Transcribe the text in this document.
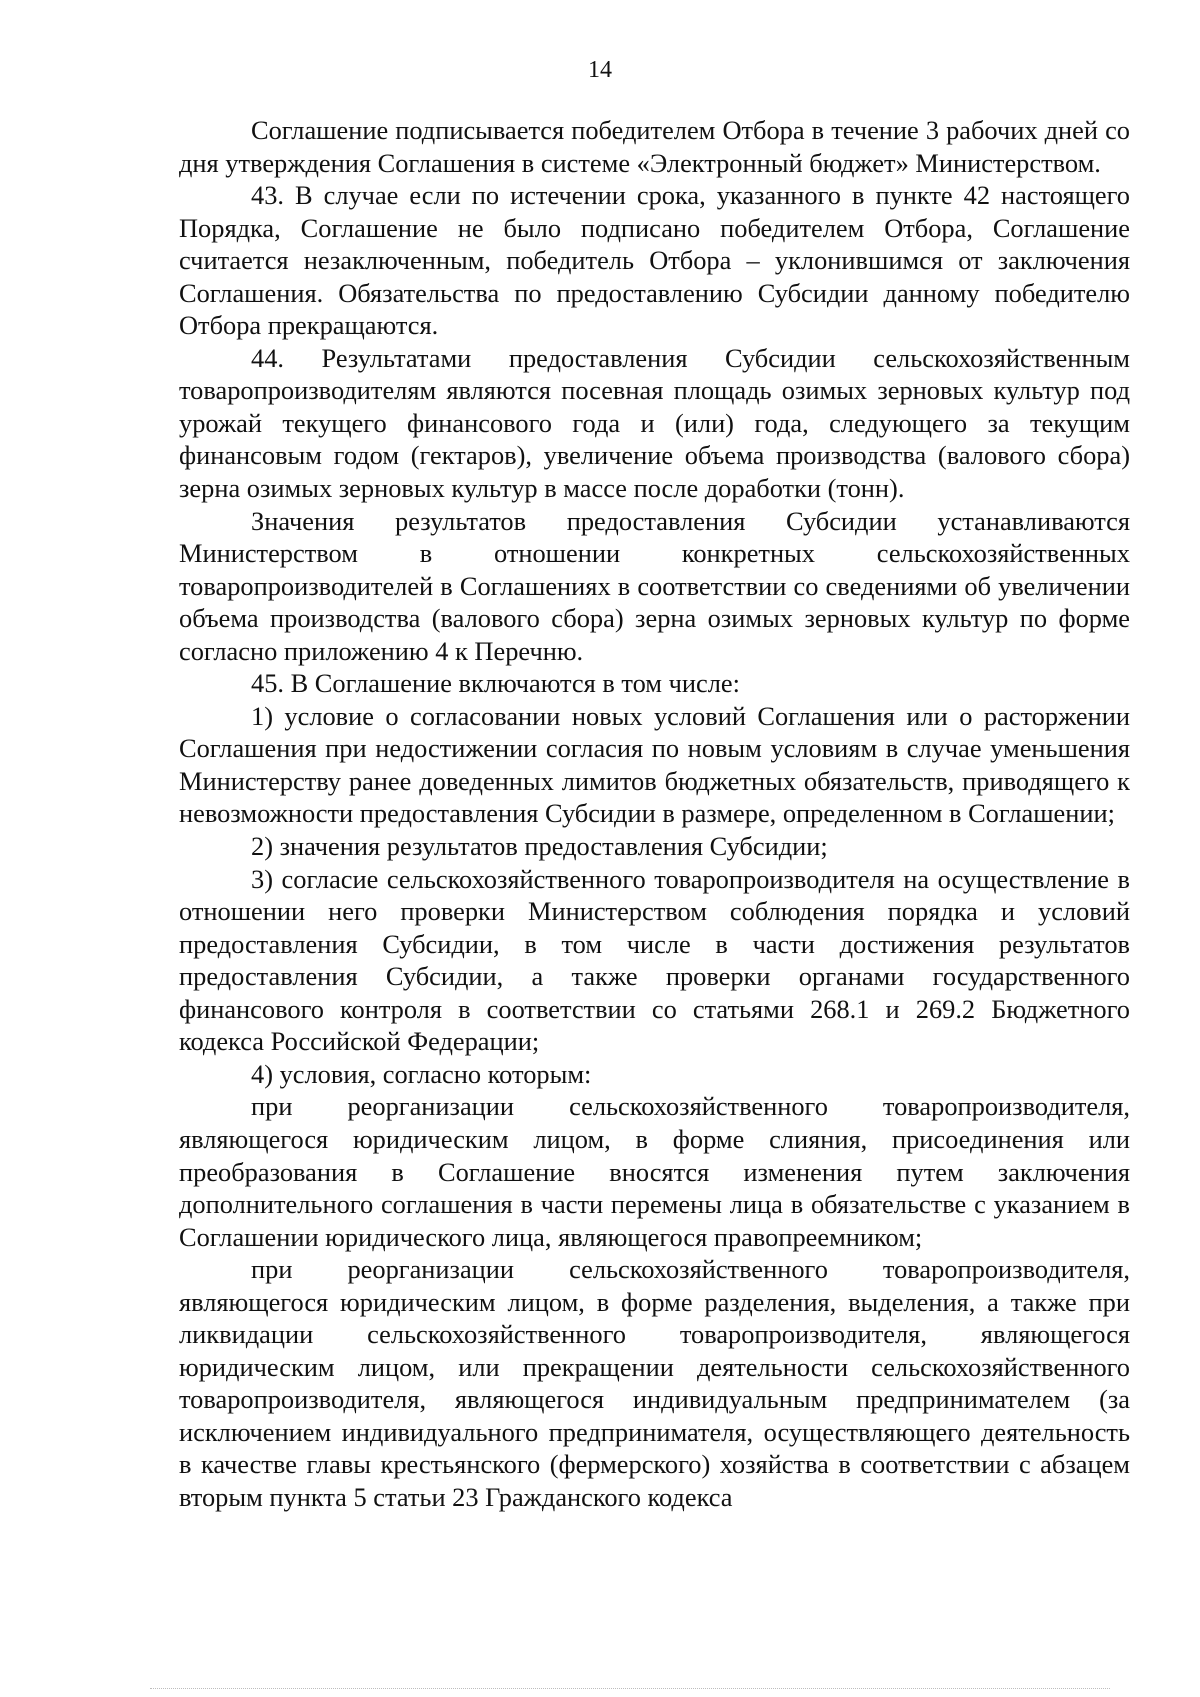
14

Соглашение подписывается победителем Отбора в течение 3 рабочих дней со дня утверждения Соглашения в системе «Электронный бюджет» Министерством.

43. В случае если по истечении срока, указанного в пункте 42 настоящего Порядка, Соглашение не было подписано победителем Отбора, Соглашение считается незаключенным, победитель Отбора – уклонившимся от заключения Соглашения. Обязательства по предоставлению Субсидии данному победителю Отбора прекращаются.

44. Результатами предоставления Субсидии сельскохозяйственным товаропроизводителям являются посевная площадь озимых зерновых культур под урожай текущего финансового года и (или) года, следующего за текущим финансовым годом (гектаров), увеличение объема производства (валового сбора) зерна озимых зерновых культур в массе после доработки (тонн).

Значения результатов предоставления Субсидии устанавливаются Министерством в отношении конкретных сельскохозяйственных товаропроизводителей в Соглашениях в соответствии со сведениями об увеличении объема производства (валового сбора) зерна озимых зерновых культур по форме согласно приложению 4 к Перечню.

45. В Соглашение включаются в том числе:

1) условие о согласовании новых условий Соглашения или о расторжении Соглашения при недостижении согласия по новым условиям в случае уменьшения Министерству ранее доведенных лимитов бюджетных обязательств, приводящего к невозможности предоставления Субсидии в размере, определенном в Соглашении;

2) значения результатов предоставления Субсидии;

3) согласие сельскохозяйственного товаропроизводителя на осуществление в отношении него проверки Министерством соблюдения порядка и условий предоставления Субсидии, в том числе в части достижения результатов предоставления Субсидии, а также проверки органами государственного финансового контроля в соответствии со статьями 268.1 и 269.2 Бюджетного кодекса Российской Федерации;

4) условия, согласно которым:

при реорганизации сельскохозяйственного товаропроизводителя, являющегося юридическим лицом, в форме слияния, присоединения или преобразования в Соглашение вносятся изменения путем заключения дополнительного соглашения в части перемены лица в обязательстве с указанием в Соглашении юридического лица, являющегося правопреемником;

при реорганизации сельскохозяйственного товаропроизводителя, являющегося юридическим лицом, в форме разделения, выделения, а также при ликвидации сельскохозяйственного товаропроизводителя, являющегося юридическим лицом, или прекращении деятельности сельскохозяйственного товаропроизводителя, являющегося индивидуальным предпринимателем (за исключением индивидуального предпринимателя, осуществляющего деятельность в качестве главы крестьянского (фермерского) хозяйства в соответствии с абзацем вторым пункта 5 статьи 23 Гражданского кодекса
